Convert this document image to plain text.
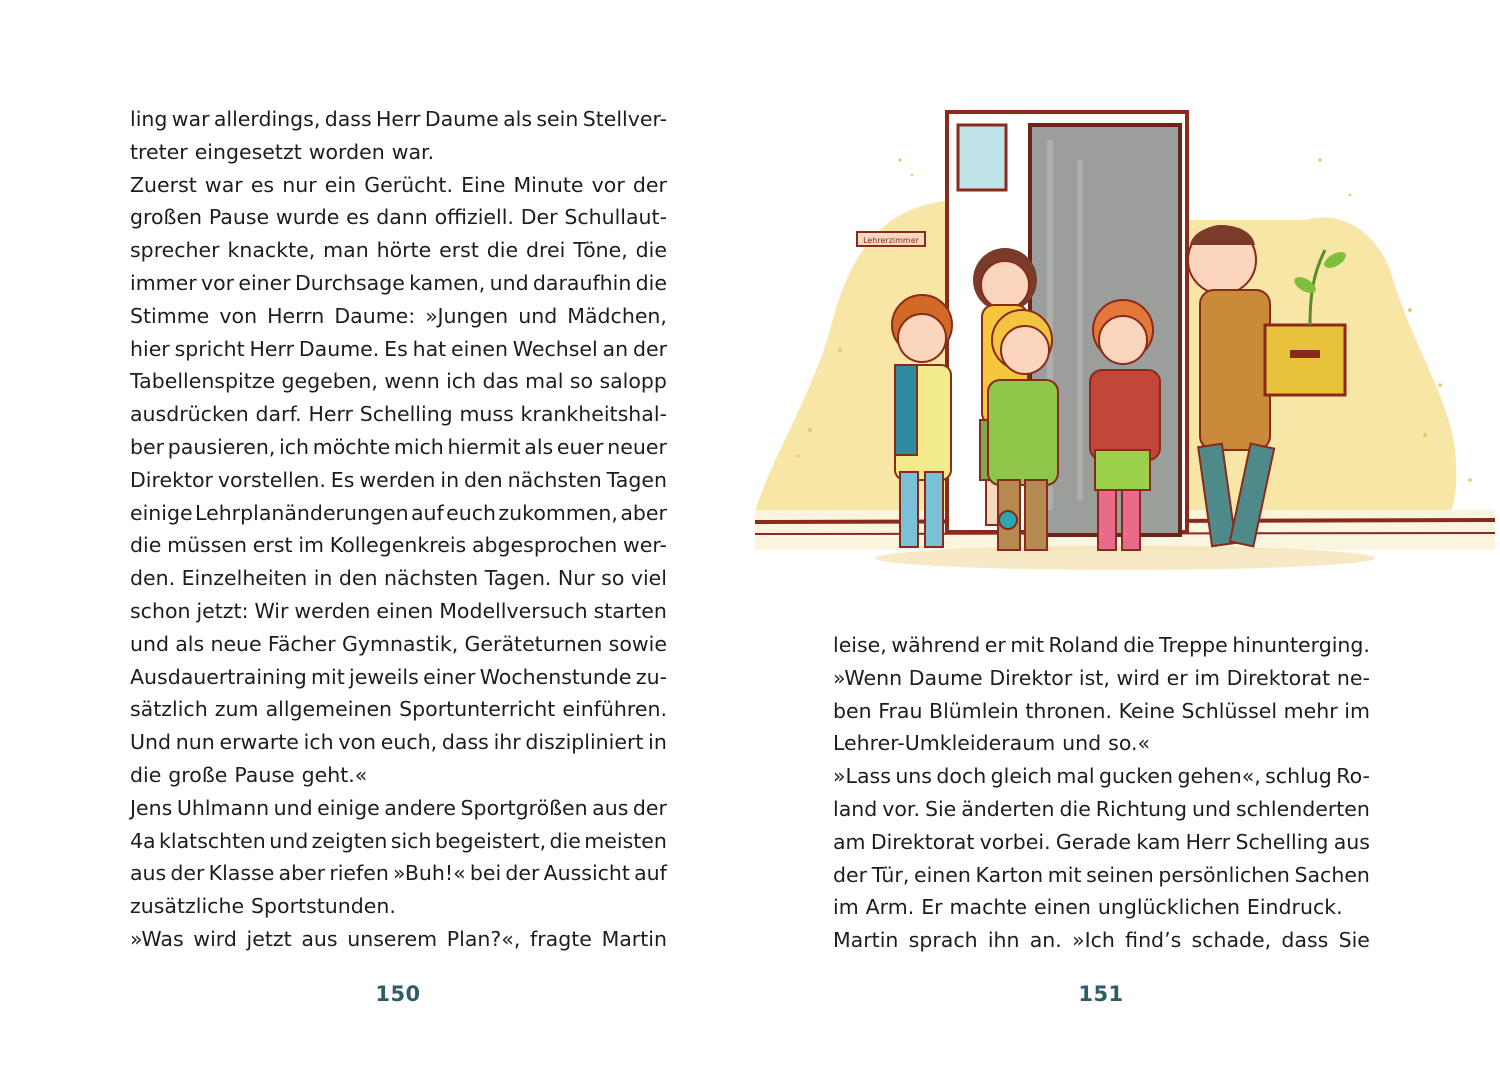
ling war allerdings, dass Herr Daume als sein Stellver-
treter eingesetzt worden war.
Zuerst war es nur ein Gerücht. Eine Minute vor der
großen Pause wurde es dann offiziell. Der Schullaut-
sprecher knackte, man hörte erst die drei Töne, die
immer vor einer Durchsage kamen, und daraufhin die
Stimme von Herrn Daume: »Jungen und Mädchen,
hier spricht Herr Daume. Es hat einen Wechsel an der
Tabellenspitze gegeben, wenn ich das mal so salopp
ausdrücken darf. Herr Schelling muss krankheitshal-
ber pausieren, ich möchte mich hiermit als euer neuer
Direktor vorstellen. Es werden in den nächsten Tagen
einige Lehrplanänderungen auf euch zukommen, aber
die müssen erst im Kollegenkreis abgesprochen wer-
den. Einzelheiten in den nächsten Tagen. Nur so viel
schon jetzt: Wir werden einen Modellversuch starten
und als neue Fächer Gymnastik, Geräteturnen sowie
Ausdauertraining mit jeweils einer Wochenstunde zu-
sätzlich zum allgemeinen Sportunterricht einführen.
Und nun erwarte ich von euch, dass ihr diszipliniert in
die große Pause geht.«
Jens Uhlmann und einige andere Sportgrößen aus der
4a klatschten und zeigten sich begeistert, die meisten
aus der Klasse aber riefen »Buh!« bei der Aussicht auf
zusätzliche Sportstunden.
»Was wird jetzt aus unserem Plan?«, fragte Martin
150
Lehrerzimmer
leise, während er mit Roland die Treppe hinunterging.
»Wenn Daume Direktor ist, wird er im Direktorat ne-
ben Frau Blümlein thronen. Keine Schlüssel mehr im
Lehrer-Umkleideraum und so.«
»Lass uns doch gleich mal gucken gehen«, schlug Ro-
land vor. Sie änderten die Richtung und schlenderten
am Direktorat vorbei. Gerade kam Herr Schelling aus
der Tür, einen Karton mit seinen persönlichen Sachen
im Arm. Er machte einen unglücklichen Eindruck.
Martin sprach ihn an. »Ich find’s schade, dass Sie
151
